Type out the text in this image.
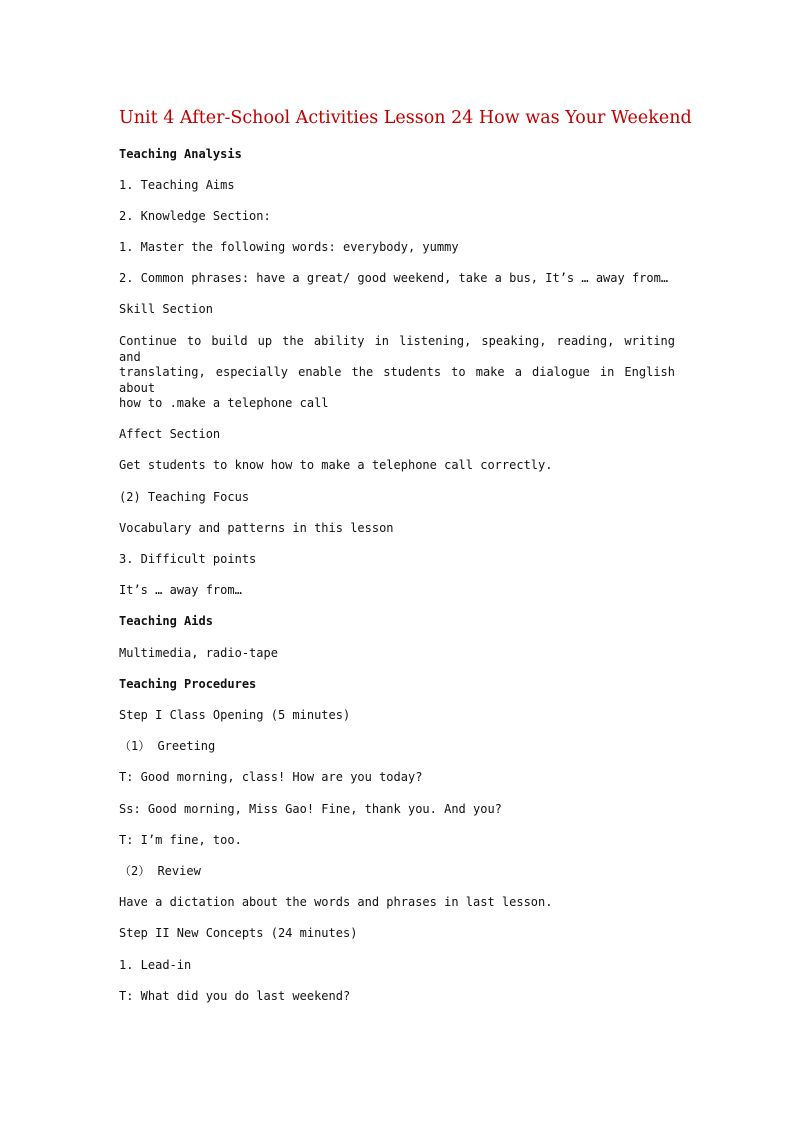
Unit 4 After-School Activities Lesson 24 How was Your Weekend
Teaching Analysis
1. Teaching Aims
2. Knowledge Section:
1. Master the following words: everybody, yummy
2. Common phrases: have a great/ good weekend, take a bus, It’s … away from…
Skill Section
Continue to build up the ability in listening, speaking, reading, writing and
translating, especially enable the students to make a dialogue in English about
how to .make a telephone call
Affect Section
Get students to know how to make a telephone call correctly.
(2) Teaching Focus
Vocabulary and patterns in this lesson
3. Difficult points
It’s … away from…
Teaching Aids
Multimedia, radio-tape
Teaching Procedures
Step I Class Opening (5 minutes)
（1） Greeting
T: Good morning, class! How are you today?
Ss: Good morning, Miss Gao! Fine, thank you. And you?
T: I’m fine, too.
（2） Review
Have a dictation about the words and phrases in last lesson.
Step II New Concepts (24 minutes)
1. Lead-in
T: What did you do last weekend?
